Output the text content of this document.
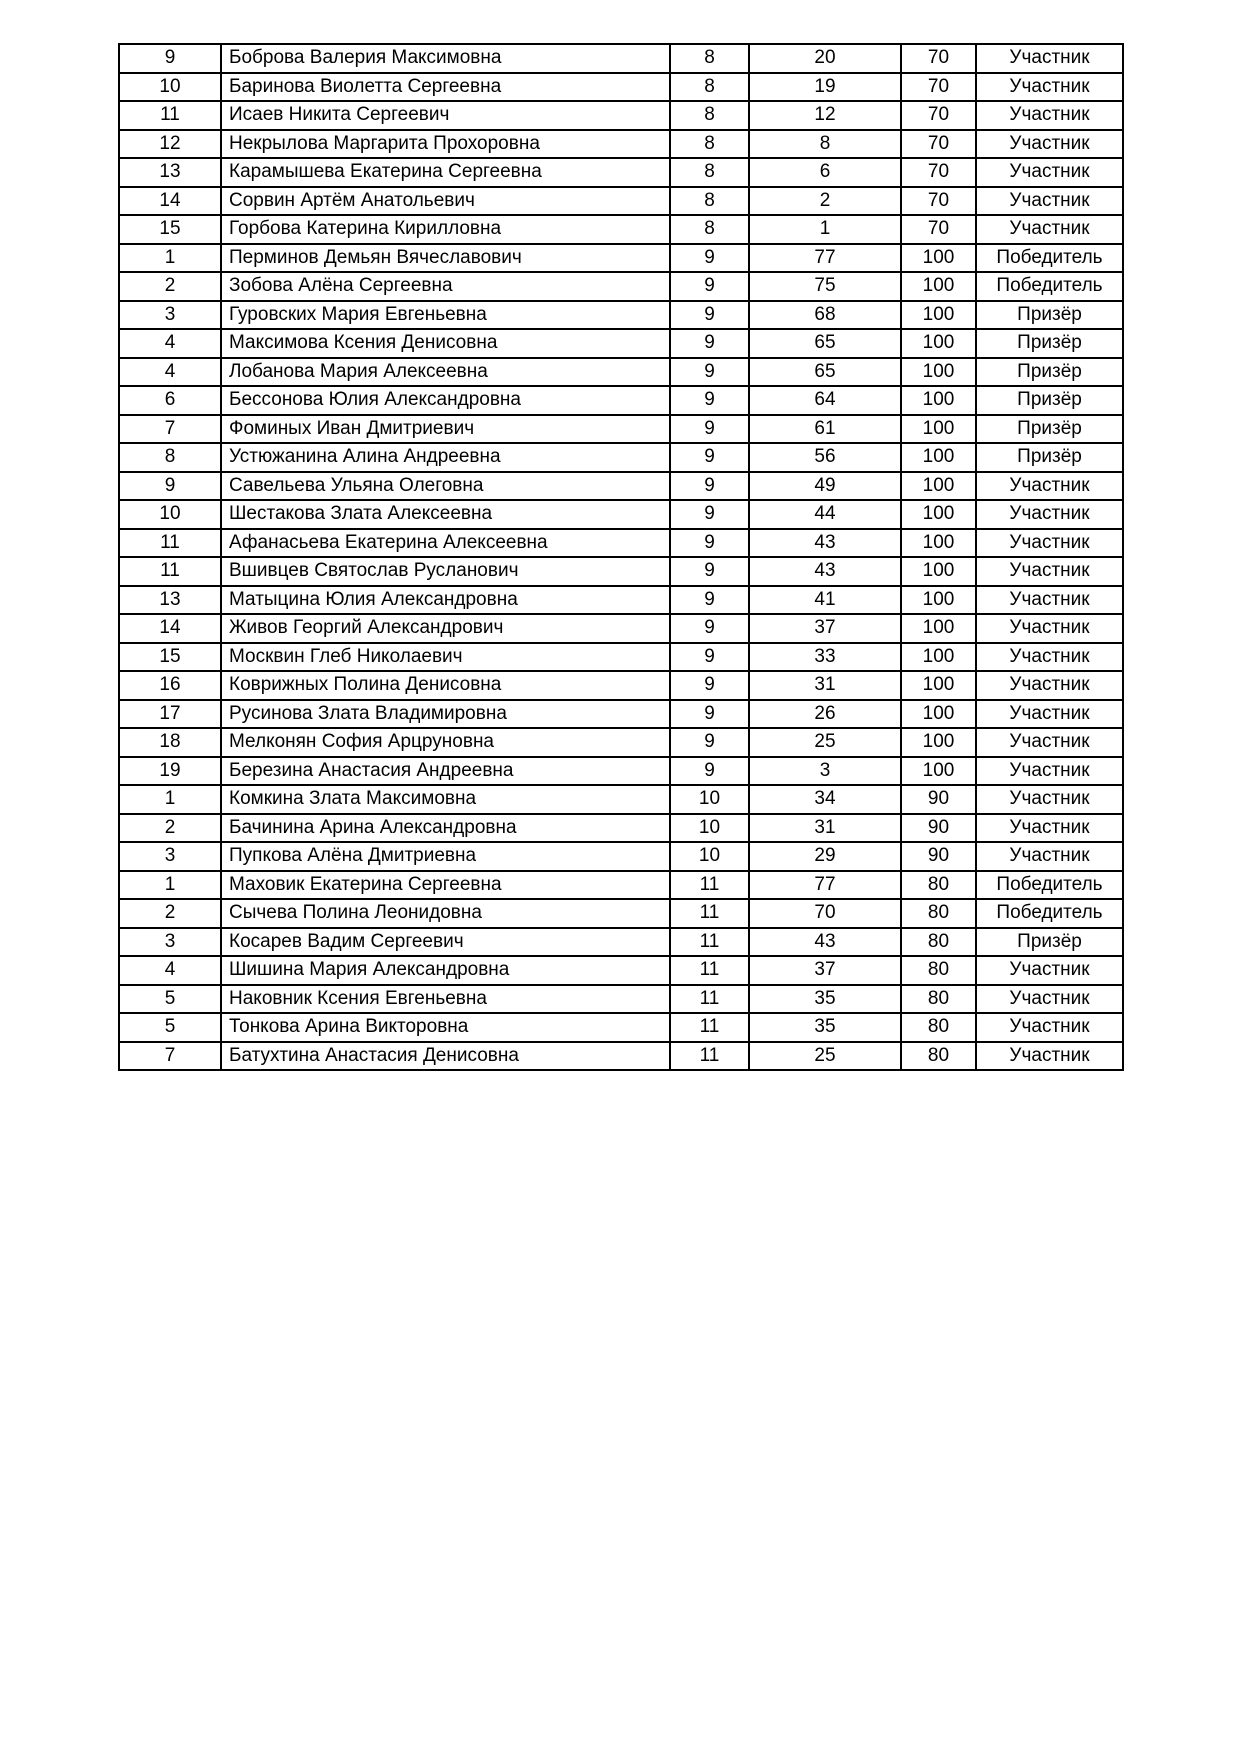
9	Боброва Валерия Максимовна	8	20	70	Участник
10	Баринова Виолетта Сергеевна	8	19	70	Участник
11	Исаев Никита Сергеевич	8	12	70	Участник
12	Некрылова Маргарита Прохоровна	8	8	70	Участник
13	Карамышева Екатерина Сергеевна	8	6	70	Участник
14	Сорвин Артём Анатольевич	8	2	70	Участник
15	Горбова Катерина Кирилловна	8	1	70	Участник
1	Перминов Демьян Вячеславович	9	77	100	Победитель
2	Зобова Алёна Сергеевна	9	75	100	Победитель
3	Гуровских Мария Евгеньевна	9	68	100	Призёр
4	Максимова Ксения Денисовна	9	65	100	Призёр
4	Лобанова Мария Алексеевна	9	65	100	Призёр
6	Бессонова Юлия Александровна	9	64	100	Призёр
7	Фоминых Иван Дмитриевич	9	61	100	Призёр
8	Устюжанина Алина Андреевна	9	56	100	Призёр
9	Савельева Ульяна Олеговна	9	49	100	Участник
10	Шестакова Злата Алексеевна	9	44	100	Участник
11	Афанасьева Екатерина Алексеевна	9	43	100	Участник
11	Вшивцев Святослав Русланович	9	43	100	Участник
13	Матыцина Юлия Александровна	9	41	100	Участник
14	Живов Георгий Александрович	9	37	100	Участник
15	Москвин Глеб Николаевич	9	33	100	Участник
16	Коврижных Полина Денисовна	9	31	100	Участник
17	Русинова Злата Владимировна	9	26	100	Участник
18	Мелконян София Арцруновна	9	25	100	Участник
19	Березина Анастасия Андреевна	9	3	100	Участник
1	Комкина Злата Максимовна	10	34	90	Участник
2	Бачинина Арина Александровна	10	31	90	Участник
3	Пупкова Алёна Дмитриевна	10	29	90	Участник
1	Маховик Екатерина Сергеевна	11	77	80	Победитель
2	Сычева Полина Леонидовна	11	70	80	Победитель
3	Косарев Вадим Сергеевич	11	43	80	Призёр
4	Шишина Мария Александровна	11	37	80	Участник
5	Наковник Ксения Евгеньевна	11	35	80	Участник
5	Тонкова Арина Викторовна	11	35	80	Участник
7	Батухтина Анастасия Денисовна	11	25	80	Участник
